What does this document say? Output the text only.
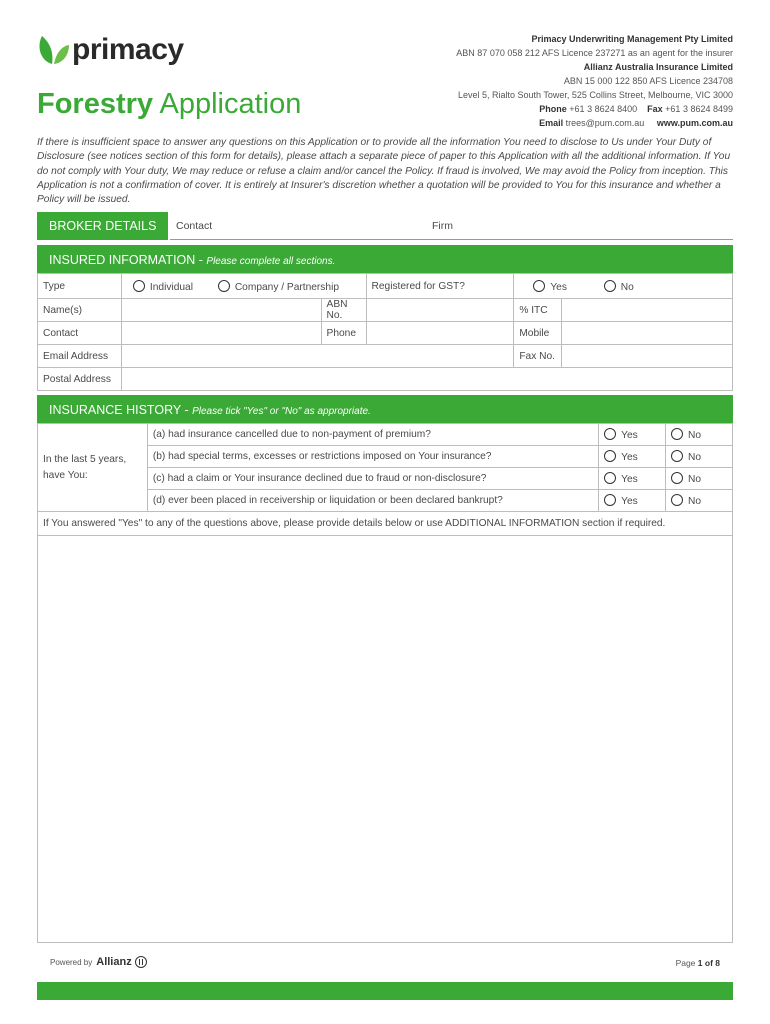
primacy
Forestry Application
Primacy Underwriting Management Pty Limited
ABN 87 070 058 212 AFS Licence 237271 as an agent for the insurer
Allianz Australia Insurance Limited
ABN 15 000 122 850 AFS Licence 234708
Level 5, Rialto South Tower, 525 Collins Street, Melbourne, VIC 3000
Phone +61 3 8624 8400 Fax +61 3 8624 8499
Email trees@pum.com.au www.pum.com.au
If there is insufficient space to answer any questions on this Application or to provide all the information You need to disclose to Us under Your Duty of Disclosure (see notices section of this form for details), please attach a separate piece of paper to this Application with all the additional information. If You do not comply with Your duty, We may reduce or refuse a claim and/or cancel the Policy. If fraud is involved, We may avoid the Policy from inception. This Application is not a confirmation of cover. It is entirely at Insurer's discretion whether a quotation will be provided to You for this insurance and whether a Policy will be issued.
BROKER DETAILS	Contact	Firm
INSURED INFORMATION - Please complete all sections.
Type	Individual Company / Partnership		Registered for GST?	Yes No	
Name(s)		ABN No.		% ITC	
Contact		Phone		Mobile	
Email Address				Fax No.	
Postal Address					
INSURANCE HISTORY - Please tick "Yes" or "No" as appropriate.
In the last 5 years, have You:	(a) had insurance cancelled due to non-payment of premium?	Yes	No
	(b) had special terms, excesses or restrictions imposed on Your insurance?	Yes	No
	(c) had a claim or Your insurance declined due to fraud or non-disclosure?	Yes	No
	(d) ever been placed in receivership or liquidation or been declared bankrupt?	Yes	No
If You answered "Yes" to any of the questions above, please provide details below or use ADDITIONAL INFORMATION section if required.			
Powered by Allianz	Page 1 of 8
